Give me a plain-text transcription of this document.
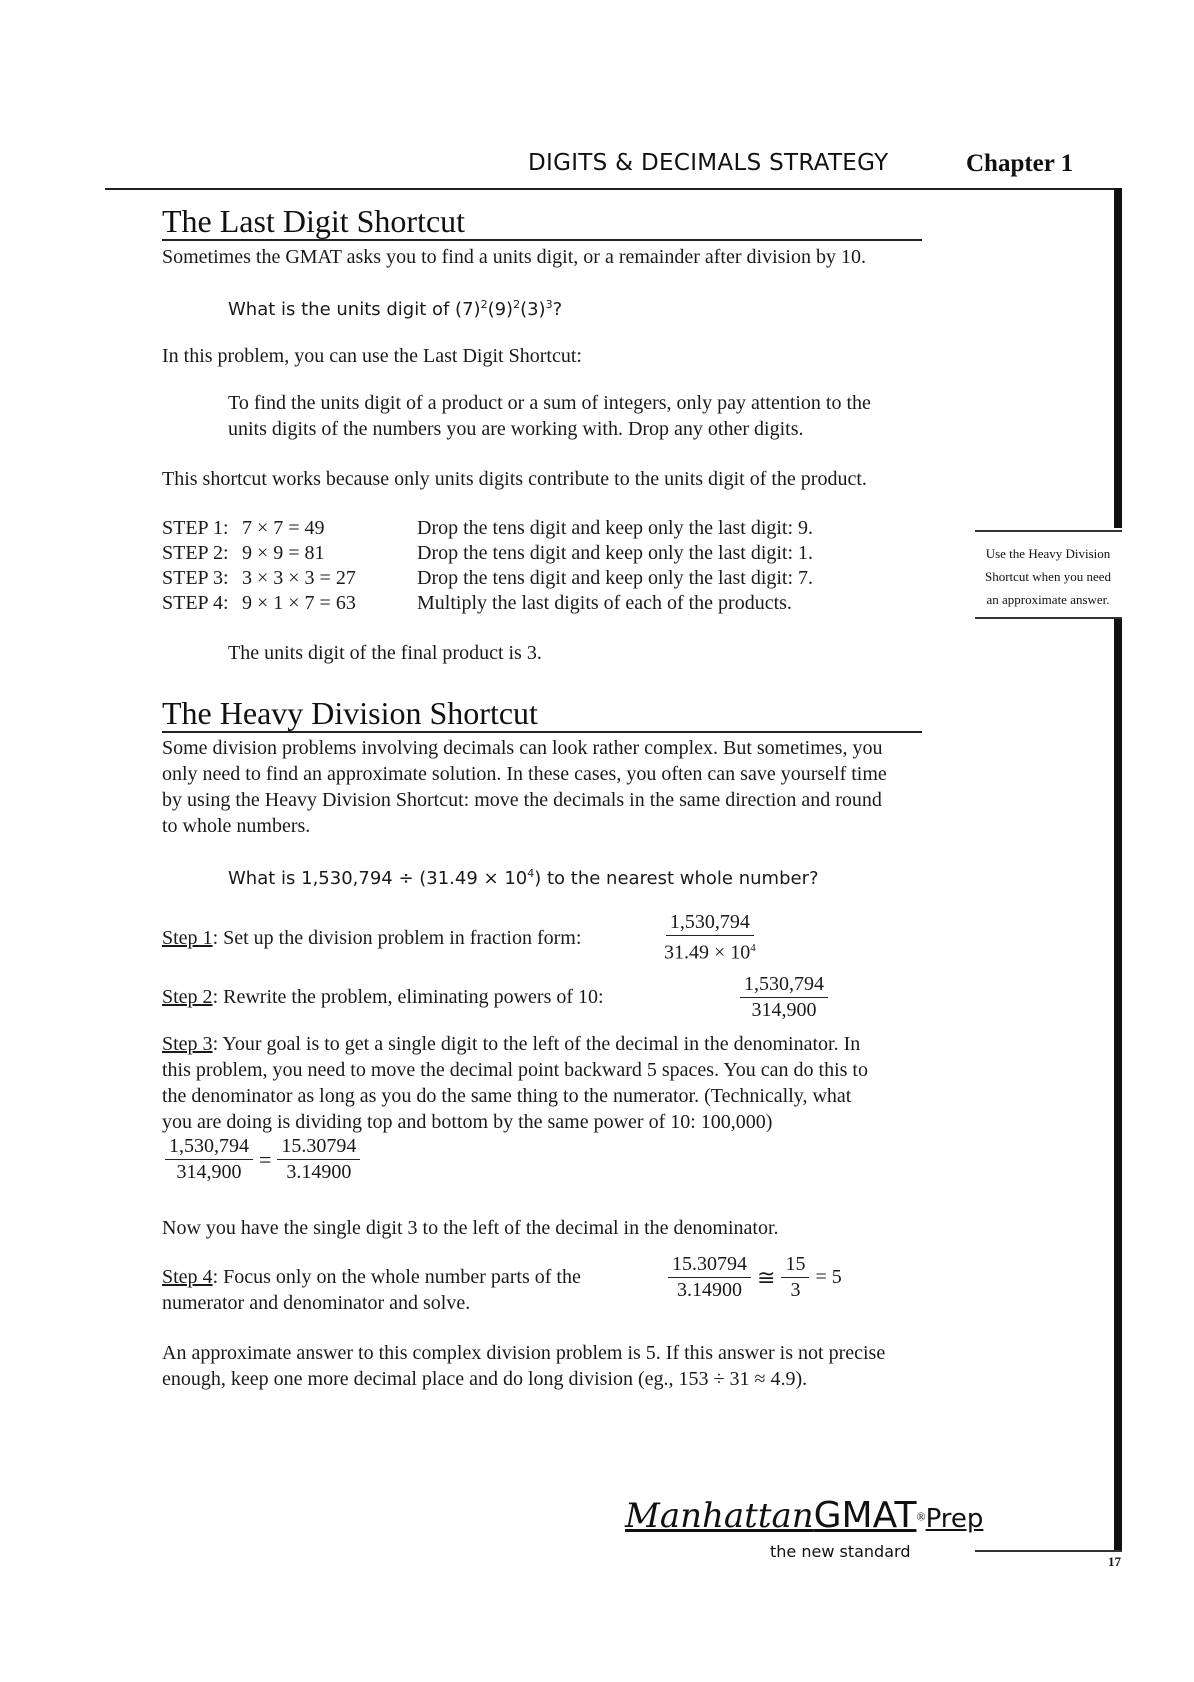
DIGITS & DECIMALS STRATEGY	Chapter 1
Use the Heavy Division
Shortcut when you need
an approximate answer.
The Last Digit Shortcut
Sometimes the GMAT asks you to find a units digit, or a remainder after division by 10.
What is the units digit of $(7)^2(9)^2(3)^3$?
In this problem, you can use the Last Digit Shortcut:
To find the units digit of a product or a sum of integers, only pay attention to the
units digits of the numbers you are working with. Drop any other digits.
This shortcut works because only units digits contribute to the units digit of the product.
STEP 1: 7 × 7 = 49	Drop the tens digit and keep only the last digit: 9.
STEP 2: 9 × 9 = 81	Drop the tens digit and keep only the last digit: 1.
STEP 3: 3 × 3 × 3 = 27	Drop the tens digit and keep only the last digit: 7.
STEP 4: 9 × 1 × 7 = 63	Multiply the last digits of each of the products.
The units digit of the final product is 3.
The Heavy Division Shortcut
Some division problems involving decimals can look rather complex. But sometimes, you
only need to find an approximate solution. In these cases, you often can save yourself time
by using the Heavy Division Shortcut: move the decimals in the same direction and round
to whole numbers.
What is $1,530,794 \div (31.49 \times 10^4)$ to the nearest whole number?
Step 1: Set up the division problem in fraction form:	$\frac{1,530,794}{31.49 \times 10^4}$
Step 2: Rewrite the problem, eliminating powers of 10:	$\frac{1,530,794}{314,900}$
Step 3: Your goal is to get a single digit to the left of the decimal in the denominator. In
this problem, you need to move the decimal point backward 5 spaces. You can do this to
the denominator as long as you do the same thing to the numerator. (Technically, what
you are doing is dividing top and bottom by the same power of 10: 100,000)
$\frac{1,530,794}{314,900} = \frac{15.30794}{3.14900}$
Now you have the single digit 3 to the left of the decimal in the denominator.
Step 4: Focus only on the whole number parts of the
numerator and denominator and solve.	$\frac{15.30794}{3.14900}$ ≅ $\frac{15}{3} = 5$
An approximate answer to this complex division problem is 5. If this answer is not precise
enough, keep one more decimal place and do long division (eg., 153 ÷ 31 ≈ 4.9).
ManhattanGMAT®Prep
the new standard
17
